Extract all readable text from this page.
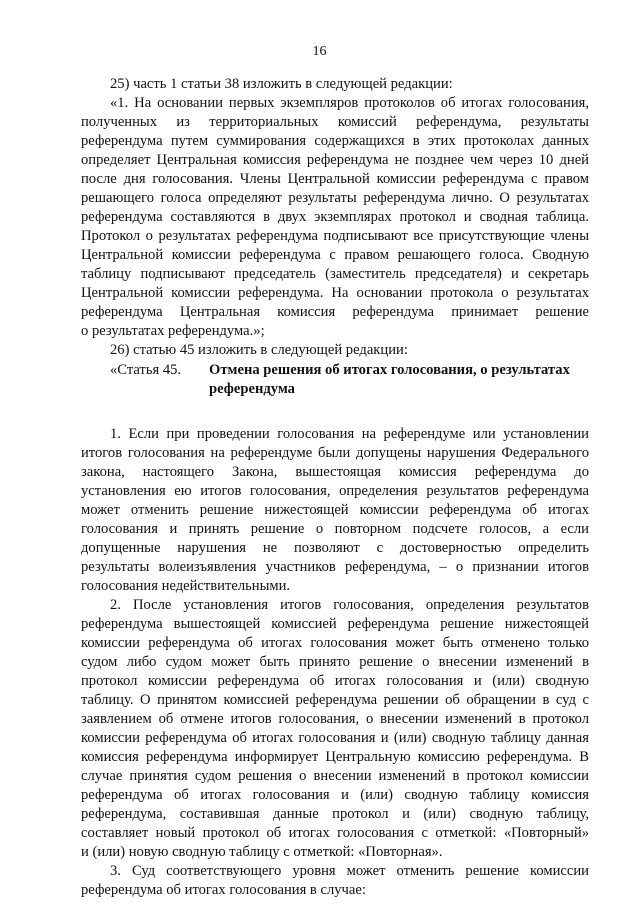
16
25) часть 1 статьи 38 изложить в следующей редакции:
«1. На основании первых экземпляров протоколов об итогах голосования,
полученных из территориальных комиссий референдума, результаты
референдума путем суммирования содержащихся в этих протоколах данных
определяет Центральная комиссия референдума не позднее чем через 10 дней
после дня голосования. Члены Центральной комиссии референдума с правом
решающего голоса определяют результаты референдума лично. О результатах
референдума составляются в двух экземплярах протокол и сводная таблица.
Протокол о результатах референдума подписывают все присутствующие члены
Центральной комиссии референдума с правом решающего голоса. Сводную
таблицу подписывают председатель (заместитель председателя) и секретарь
Центральной комиссии референдума. На основании протокола о результатах
референдума Центральная комиссия референдума принимает решение
о результатах референдума.»;
26) статью 45 изложить в следующей редакции:
«Статья 45. Отмена решения об итогах голосования, о результатах
референдума
1. Если при проведении голосования на референдуме или установлении
итогов голосования на референдуме были допущены нарушения Федерального
закона, настоящего Закона, вышестоящая комиссия референдума до
установления ею итогов голосования, определения результатов референдума
может отменить решение нижестоящей комиссии референдума об итогах
голосования и принять решение о повторном подсчете голосов, а если
допущенные нарушения не позволяют с достоверностью определить
результаты волеизъявления участников референдума, – о признании итогов
голосования недействительными.
2. После установления итогов голосования, определения результатов
референдума вышестоящей комиссией референдума решение нижестоящей
комиссии референдума об итогах голосования может быть отменено только
судом либо судом может быть принято решение о внесении изменений в
протокол комиссии референдума об итогах голосования и (или) сводную
таблицу. О принятом комиссией референдума решении об обращении в суд с
заявлением об отмене итогов голосования, о внесении изменений в протокол
комиссии референдума об итогах голосования и (или) сводную таблицу данная
комиссия референдума информирует Центральную комиссию референдума. В
случае принятия судом решения о внесении изменений в протокол комиссии
референдума об итогах голосования и (или) сводную таблицу комиссия
референдума, составившая данные протокол и (или) сводную таблицу,
составляет новый протокол об итогах голосования с отметкой: «Повторный»
и (или) новую сводную таблицу с отметкой: «Повторная».
3. Суд соответствующего уровня может отменить решение комиссии
референдума об итогах голосования в случае:
